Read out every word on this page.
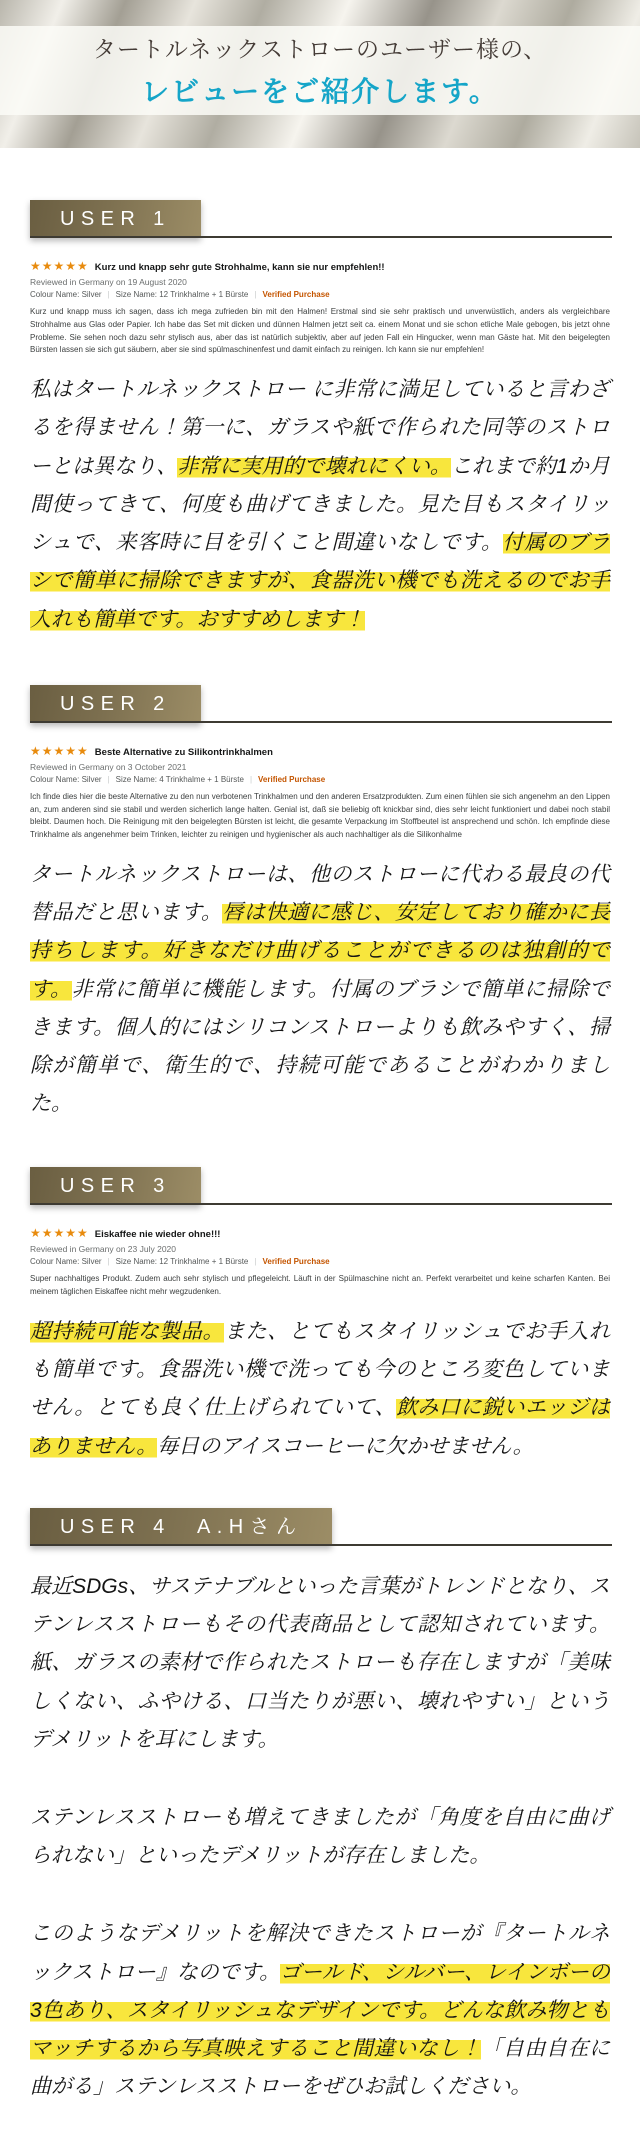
タートルネックストローのユーザー様の、
レビューをご紹介します。
USER 1
★★★★★ Kurz und knapp sehr gute Strohhalme, kann sie nur empfehlen!!
Reviewed in Germany on 19 August 2020
Colour Name: Silver | Size Name: 12 Trinkhalme + 1 Bürste | Verified Purchase
Kurz und knapp muss ich sagen, dass ich mega zufrieden bin mit den Halmen! Erstmal sind sie sehr praktisch und unverwüstlich, anders als vergleichbare Strohhalme aus Glas oder Papier. Ich habe das Set mit dicken und dünnen Halmen jetzt seit ca. einem Monat und sie schon etliche Male gebogen, bis jetzt ohne Probleme. Sie sehen noch dazu sehr stylisch aus, aber das ist natürlich subjektiv, aber auf jeden Fall ein Hingucker, wenn man Gäste hat. Mit den beigelegten Bürsten lassen sie sich gut säubern, aber sie sind spülmaschinenfest und damit einfach zu reinigen. Ich kann sie nur empfehlen!

私はタートルネックストロー に非常に満足していると言わざるを得ません！第一に、ガラスや紙で作られた同等のストローとは異なり、非常に実用的で壊れにくい。これまで約1か月間使ってきて、何度も曲げてきました。見た目もスタイリッシュで、来客時に目を引くこと間違いなしです。付属のブラシで簡単に掃除できますが、食器洗い機でも洗えるのでお手入れも簡単です。おすすめします！

USER 2
★★★★★ Beste Alternative zu Silikontrinkhalmen
Reviewed in Germany on 3 October 2021
Colour Name: Silver | Size Name: 4 Trinkhalme + 1 Bürste | Verified Purchase
Ich finde dies hier die beste Alternative zu den nun verbotenen Trinkhalmen und den anderen Ersatzprodukten. Zum einen fühlen sie sich angenehm an den Lippen an, zum anderen sind sie stabil und werden sicherlich lange halten. Genial ist, daß sie beliebig oft knickbar sind, dies sehr leicht funktioniert und dabei noch stabil bleibt. Daumen hoch. Die Reinigung mit den beigelegten Bürsten ist leicht, die gesamte Verpackung im Stoffbeutel ist ansprechend und schön. Ich empfinde diese Trinkhalme als angenehmer beim Trinken, leichter zu reinigen und hygienischer als auch nachhaltiger als die Silikonhalme

タートルネックストローは、他のストローに代わる最良の代替品だと思います。唇は快適に感じ、安定しており確かに長持ちします。好きなだけ曲げることができるのは独創的です。非常に簡単に機能します。付属のブラシで簡単に掃除できます。個人的にはシリコンストローよりも飲みやすく、掃除が簡単で、衛生的で、持続可能であることがわかりました。

USER 3
★★★★★ Eiskaffee nie wieder ohne!!!
Reviewed in Germany on 23 July 2020
Colour Name: Silver | Size Name: 12 Trinkhalme + 1 Bürste | Verified Purchase
Super nachhaltiges Produkt. Zudem auch sehr stylisch und pflegeleicht. Läuft in der Spülmaschine nicht an. Perfekt verarbeitet und keine scharfen Kanten. Bei meinem täglichen Eiskaffee nicht mehr wegzudenken.

超持続可能な製品。また、とてもスタイリッシュでお手入れも簡単です。食器洗い機で洗っても今のところ変色していません。とても良く仕上げられていて、飲み口に鋭いエッジはありません。毎日のアイスコーヒーに欠かせません。

USER 4　A.Hさん

最近SDGs、サステナブルといった言葉がトレンドとなり、ステンレスストローもその代表商品として認知されています。紙、ガラスの素材で作られたストローも存在しますが「美味しくない、ふやける、口当たりが悪い、壊れやすい」というデメリットを耳にします。

ステンレスストローも増えてきましたが「角度を自由に曲げられない」といったデメリットが存在しました。

このようなデメリットを解決できたストローが『タートルネックストロー』なのです。ゴールド、シルバー、レインボーの3色あり、スタイリッシュなデザインです。どんな飲み物ともマッチするから写真映えすること間違いなし！「自由自在に曲がる」ステンレスストローをぜひお試しください。
